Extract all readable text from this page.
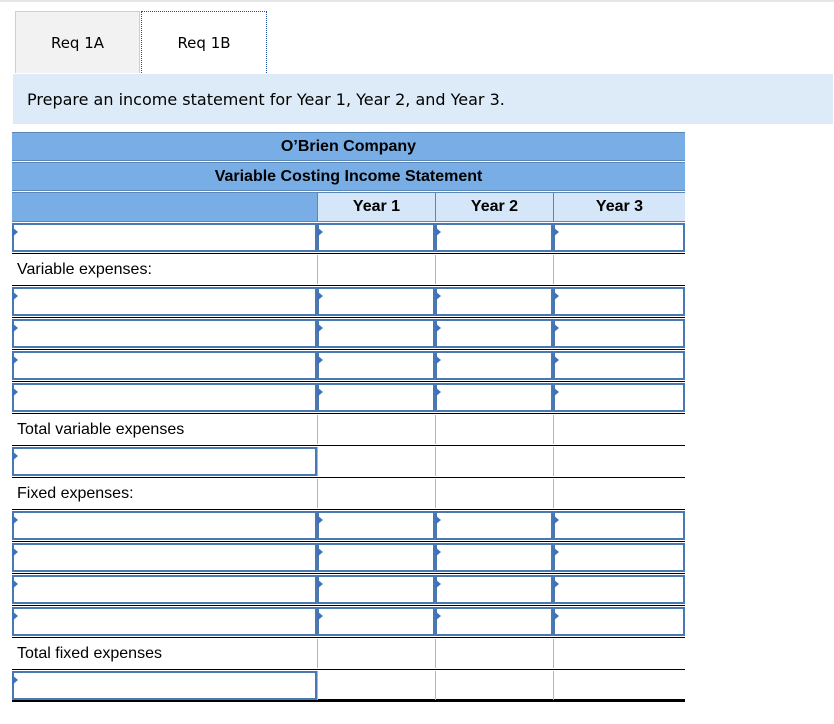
Req 1A	Req 1B
Prepare an income statement for Year 1, Year 2, and Year 3.
O’Brien Company
Variable Costing Income Statement
Year 1	Year 2	Year 3
Variable expenses:
Total variable expenses
Fixed expenses:
Total fixed expenses
